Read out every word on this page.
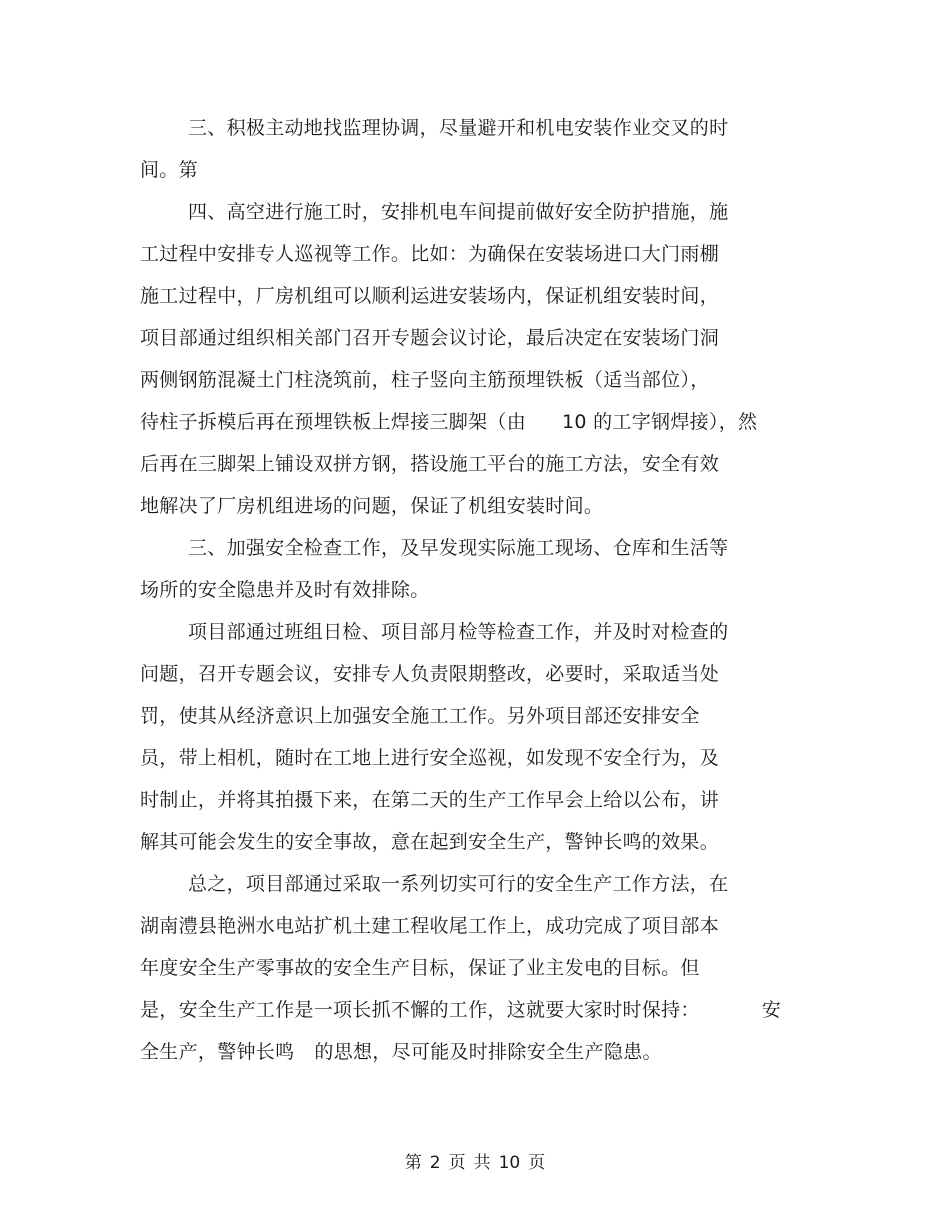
三、积极主动地找监理协调，尽量避开和机电安装作业交叉的时
间。第
四、高空进行施工时，安排机电车间提前做好安全防护措施，施
工过程中安排专人巡视等工作。比如：为确保在安装场进口大门雨棚
施工过程中，厂房机组可以顺利运进安装场内，保证机组安装时间，
项目部通过组织相关部门召开专题会议讨论，最后决定在安装场门洞
两侧钢筋混凝土门柱浇筑前，柱子竖向主筋预埋铁板（适当部位），
待柱子拆模后再在预埋铁板上焊接三脚架（由 10 的工字钢焊接），然
后再在三脚架上铺设双拼方钢，搭设施工平台的施工方法，安全有效
地解决了厂房机组进场的问题，保证了机组安装时间。
三、加强安全检查工作，及早发现实际施工现场、仓库和生活等
场所的安全隐患并及时有效排除。
项目部通过班组日检、项目部月检等检查工作，并及时对检查的
问题，召开专题会议，安排专人负责限期整改，必要时，采取适当处
罚，使其从经济意识上加强安全施工工作。另外项目部还安排安全
员，带上相机，随时在工地上进行安全巡视，如发现不安全行为，及
时制止，并将其拍摄下来，在第二天的生产工作早会上给以公布，讲
解其可能会发生的安全事故，意在起到安全生产，警钟长鸣的效果。
总之，项目部通过采取一系列切实可行的安全生产工作方法，在
湖南澧县艳洲水电站扩机土建工程收尾工作上，成功完成了项目部本
年度安全生产零事故的安全生产目标，保证了业主发电的目标。但
是，安全生产工作是一项长抓不懈的工作，这就要大家时时保持：	安
全生产，警钟长鸣 的思想，尽可能及时排除安全生产隐患。
第 2 页 共 10 页
